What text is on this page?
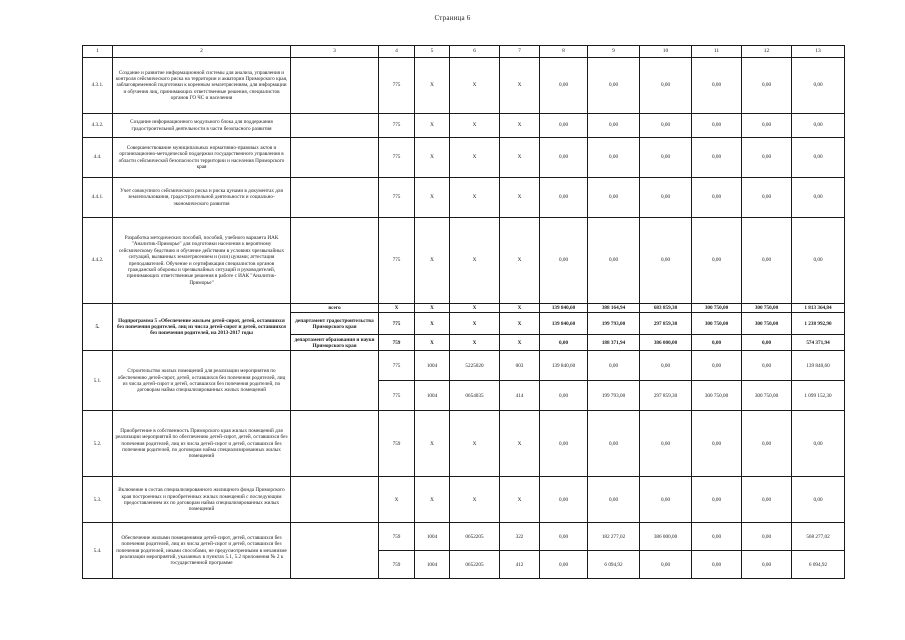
Страница 6
1	2	3	4	5	6	7	8	9	10	11	12	13
4.3.1.	Создание и развитие информационной системы для анализа, управления и контроля сейсмического риска на территории и акватории Приморского края, заблаговременной подготовки к коренным землетрясениям, для информации и обучения лиц, принимающих ответственные решения, специалистов органов ГО ЧС и населения		775	X	X	X	0,00	0,00	0,00	0,00	0,00	0,00
4.3.2.	Создание информационного модульного блока для поддержания градостроительной деятельности в части безопасного развития		775	X	X	X	0,00	0,00	0,00	0,00	0,00	0,00
4.4.	Совершенствование муниципальных нормативно-правовых актов и организационно-методической поддержки государственного управления в области сейсмической безопасности территории и населения Приморского края		775	X	X	X	0,00	0,00	0,00	0,00	0,00	0,00
4.4.1.	Учет совокупного сейсмического риска и риска цунами в документах для землепользования, градостроительной деятельности и социально-экономического развития		775	X	X	X	0,00	0,00	0,00	0,00	0,00	0,00
4.4.2.	Разработка методических пособий, пособий, учебного варианта ИАК "Аналитик-Приморье" для подготовки населения к вероятному сейсмическому бедствию и обучение действиям в условиях чрезвычайных ситуаций, вызванных землетрясением и (или) цунами; аттестация преподавателей. Обучение и сертификация специалистов органов гражданской обороны и чрезвычайных ситуаций и руководителей, принимающих ответственные решения в работе с ИАК "Аналитик-Приморье"		775	X	X	X	0,00	0,00	0,00	0,00	0,00	0,00
5.	Подпрограмма 5 «Обеспечение жильем детей-сирот, детей, оставшихся без попечения родителей, лиц из числа детей-сирот и детей, оставшихся без попечения родителей, на 2013-2017 годы	всего	X	X	X	X	139 840,60	388 164,94	683 859,30	300 750,00	300 750,00	1 813 364,84
		департамент градостроительства Приморского края	775	X	X	X	139 840,60	199 793,00	297 859,30	300 750,00	300 750,00	1 238 992,90
		департамент образования и науки Приморского края	759	X	X	X	0,00	188 371,94	386 000,00	0,00	0,00	574 371,94
5.1.	Строительство жилых помещений для реализации мероприятия по обеспечению детей-сирот, детей, оставшихся без попечения родителей, лиц из числа детей-сирот и детей, оставшихся без попечения родителей, по договорам найма специализированных жилых помещений		775	1004	5225020	003	139 840,60	0,00	0,00	0,00	0,00	139 840,60
			775	1004	0654035	414	0,00	199 793,00	297 859,30	300 750,00	300 750,00	1 099 152,30
5.2.	Приобретение в собственность Приморского края жилых помещений для реализации мероприятий по обеспечению детей-сирот, детей, оставшихся без попечения родителей, лиц из числа детей-сирот и детей, оставшихся без попечения родителей, по договорам найма специализированных жилых помещений		759	X	X	X	0,00	0,00	0,00	0,00	0,00	0,00
5.3.	Включение в состав специализированного жилищного фонда Приморского края построенных и приобретенных жилых помещений с последующим предоставлением их по договорам найма специализированных жилых помещений		X	X	X	X	0,00	0,00	0,00	0,00	0,00	0,00
5.4.	Обеспечение жилыми помещениями детей-сирот, детей, оставшихся без попечения родителей, лиц из числа детей-сирот и детей, оставшихся без попечения родителей, иными способами, не предусмотренными в механизме реализации мероприятий, указанных в пунктах 5.1, 5.2 приложения № 2 к государственной программе		759	1004	0652205	322	0,00	182 277,02	386 000,00	0,00	0,00	568 277,02
			759	1004	0652205	412	0,00	6 094,92	0,00	0,00	0,00	6 094,92
